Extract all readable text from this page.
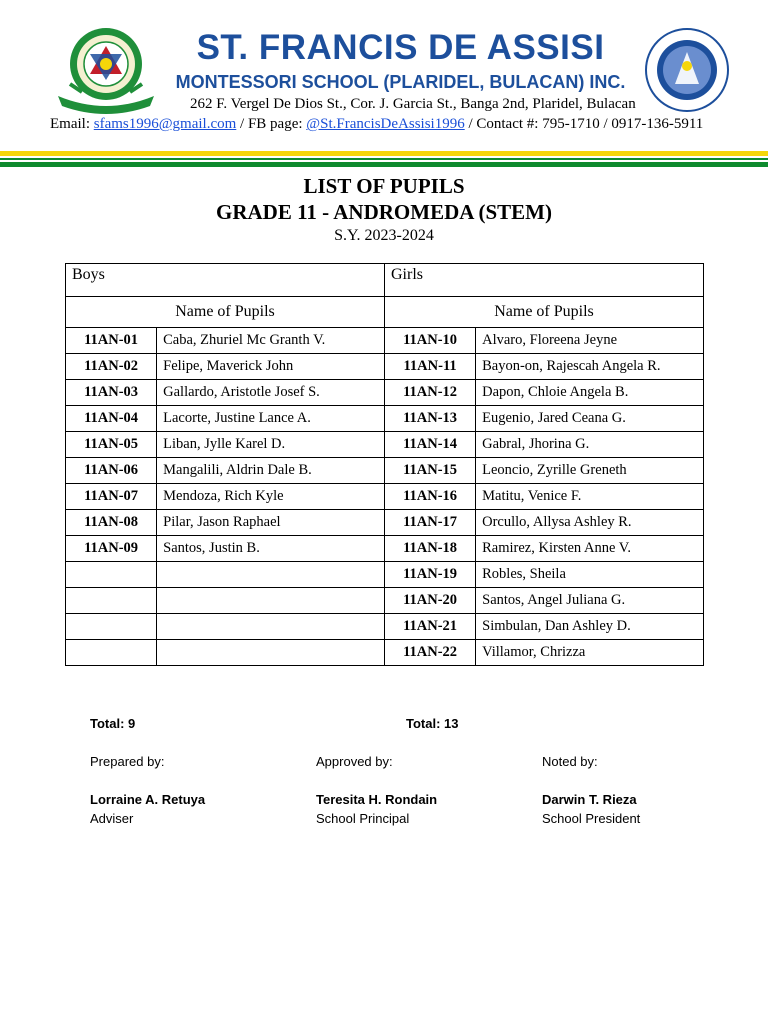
ST. FRANCIS DE ASSISI
MONTESSORI SCHOOL (PLARIDEL, BULACAN) INC.
262 F. Vergel De Dios St., Cor. J. Garcia St., Banga 2nd, Plaridel, Bulacan
Email: sfams1996@gmail.com / FB page: @St.FrancisDeAssisi1996 / Contact #: 795-1710 / 0917-136-5911
LIST OF PUPILS
GRADE 11 - ANDROMEDA (STEM)
S.Y. 2023-2024
Boys		Girls	
Name of Pupils		Name of Pupils	
11AN-01	Caba, Zhuriel Mc Granth V.	11AN-10	Alvaro, Floreena Jeyne
11AN-02	Felipe, Maverick John	11AN-11	Bayon-on, Rajescah Angela R.
11AN-03	Gallardo, Aristotle Josef S.	11AN-12	Dapon, Chloie Angela B.
11AN-04	Lacorte, Justine Lance A.	11AN-13	Eugenio, Jared Ceana G.
11AN-05	Liban, Jylle Karel D.	11AN-14	Gabral, Jhorina G.
11AN-06	Mangalili, Aldrin Dale B.	11AN-15	Leoncio, Zyrille Greneth
11AN-07	Mendoza, Rich Kyle	11AN-16	Matitu, Venice F.
11AN-08	Pilar, Jason Raphael	11AN-17	Orcullo, Allysa Ashley R.
11AN-09	Santos, Justin B.	11AN-18	Ramirez, Kirsten Anne V.
		11AN-19	Robles, Sheila
		11AN-20	Santos, Angel Juliana G.
		11AN-21	Simbulan, Dan Ashley D.
		11AN-22	Villamor, Chrizza
Total: 9	Total: 13
Prepared by:
Lorraine A. Retuya
Adviser
Approved by:
Teresita H. Rondain
School Principal
Noted by:
Darwin T. Rieza
School President
